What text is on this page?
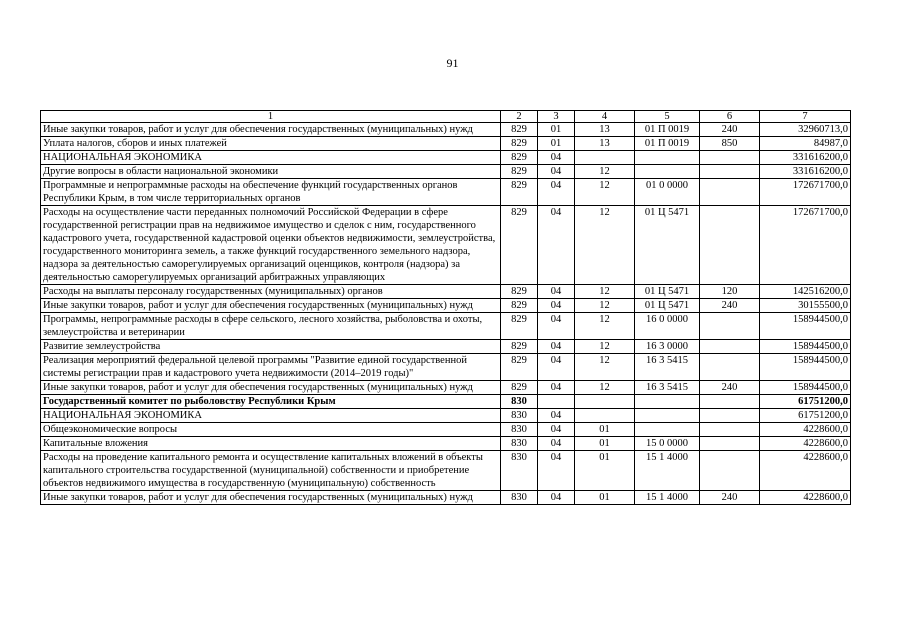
91
1	2	3	4	5	6	7
Иные закупки товаров, работ и услуг для обеспечения государственных (муниципальных) нужд	829	01	13	01 П 0019	240	32960713,0
Уплата налогов, сборов и иных платежей	829	01	13	01 П 0019	850	84987,0
НАЦИОНАЛЬНАЯ ЭКОНОМИКА	829	04				331616200,0
Другие вопросы в области национальной экономики	829	04	12			331616200,0
Программные и непрограммные расходы на обеспечение функций государственных органов Республики Крым, в том числе территориальных органов	829	04	12	01 0 0000		172671700,0
Расходы на осуществление части переданных полномочий Российской Федерации в сфере государственной регистрации прав на недвижимое имущество и сделок с ним, государственного кадастрового учета, государственной кадастровой оценки объектов недвижимости, землеустройства, государственного мониторинга земель, а также функций государственного земельного надзора, надзора за деятельностью саморегулируемых организаций оценщиков, контроля (надзора) за деятельностью саморегулируемых организаций арбитражных управляющих	829	04	12	01 Ц 5471		172671700,0
Расходы на выплаты персоналу государственных (муниципальных) органов	829	04	12	01 Ц 5471	120	142516200,0
Иные закупки товаров, работ и услуг для обеспечения государственных (муниципальных) нужд	829	04	12	01 Ц 5471	240	30155500,0
Программы, непрограммные расходы в сфере сельского, лесного хозяйства, рыболовства и охоты, землеустройства и ветеринарии	829	04	12	16 0 0000		158944500,0
Развитие землеустройства	829	04	12	16 3 0000		158944500,0
Реализация мероприятий федеральной целевой программы "Развитие единой государственной системы регистрации прав и кадастрового учета недвижимости (2014–2019 годы)"	829	04	12	16 3 5415		158944500,0
Иные закупки товаров, работ и услуг для обеспечения государственных (муниципальных) нужд	829	04	12	16 3 5415	240	158944500,0
Государственный комитет по рыболовству Республики Крым	830					61751200,0
НАЦИОНАЛЬНАЯ ЭКОНОМИКА	830	04				61751200,0
Общеэкономические вопросы	830	04	01			4228600,0
Капитальные вложения	830	04	01	15 0 0000		4228600,0
Расходы на проведение капитального ремонта и осуществление капитальных вложений в объекты капитального строительства государственной (муниципальной) собственности и приобретение объектов недвижимого имущества в государственную (муниципальную) собственность	830	04	01	15 1 4000		4228600,0
Иные закупки товаров, работ и услуг для обеспечения государственных (муниципальных) нужд	830	04	01	15 1 4000	240	4228600,0
